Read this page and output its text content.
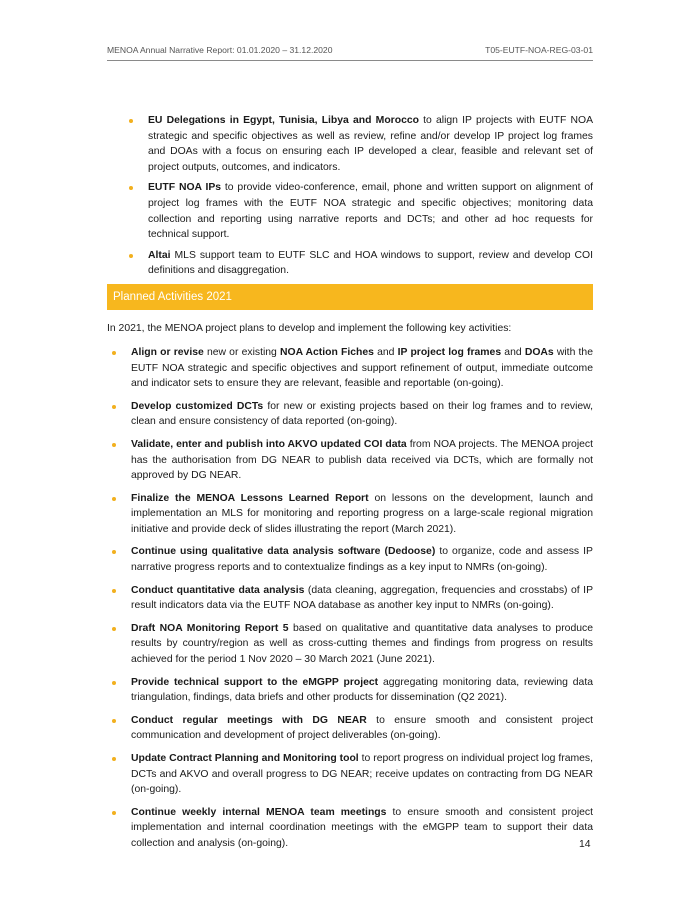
MENOA Annual Narrative Report: 01.01.2020 – 31.12.2020	T05-EUTF-NOA-REG-03-01
EU Delegations in Egypt, Tunisia, Libya and Morocco to align IP projects with EUTF NOA strategic and specific objectives as well as review, refine and/or develop IP project log frames and DOAs with a focus on ensuring each IP developed a clear, feasible and relevant set of project outputs, outcomes, and indicators.
EUTF NOA IPs to provide video-conference, email, phone and written support on alignment of project log frames with the EUTF NOA strategic and specific objectives; monitoring data collection and reporting using narrative reports and DCTs; and other ad hoc requests for technical support.
Altai MLS support team to EUTF SLC and HOA windows to support, review and develop COI definitions and disaggregation.
Planned Activities 2021

In 2021, the MENOA project plans to develop and implement the following key activities:

Align or revise new or existing NOA Action Fiches and IP project log frames and DOAs with the EUTF NOA strategic and specific objectives and support refinement of output, immediate outcome and indicator sets to ensure they are relevant, feasible and reportable (on-going).
Develop customized DCTs for new or existing projects based on their log frames and to review, clean and ensure consistency of data reported (on-going).
Validate, enter and publish into AKVO updated COI data from NOA projects. The MENOA project has the authorisation from DG NEAR to publish data received via DCTs, which are formally not approved by DG NEAR.
Finalize the MENOA Lessons Learned Report on lessons on the development, launch and implementation an MLS for monitoring and reporting progress on a large-scale regional migration initiative and provide deck of slides illustrating the report (March 2021).
Continue using qualitative data analysis software (Dedoose) to organize, code and assess IP narrative progress reports and to contextualize findings as a key input to NMRs (on-going).
Conduct quantitative data analysis (data cleaning, aggregation, frequencies and crosstabs) of IP result indicators data via the EUTF NOA database as another key input to NMRs (on-going).
Draft NOA Monitoring Report 5 based on qualitative and quantitative data analyses to produce results by country/region as well as cross-cutting themes and findings from progress on results achieved for the period 1 Nov 2020 – 30 March 2021 (June 2021).
Provide technical support to the eMGPP project aggregating monitoring data, reviewing data triangulation, findings, data briefs and other products for dissemination (Q2 2021).
Conduct regular meetings with DG NEAR to ensure smooth and consistent project communication and development of project deliverables (on-going).
Update Contract Planning and Monitoring tool to report progress on individual project log frames, DCTs and AKVO and overall progress to DG NEAR; receive updates on contracting from DG NEAR (on-going).
Continue weekly internal MENOA team meetings to ensure smooth and consistent project implementation and internal coordination meetings with the eMGPP team to support their data collection and analysis (on-going).	14
